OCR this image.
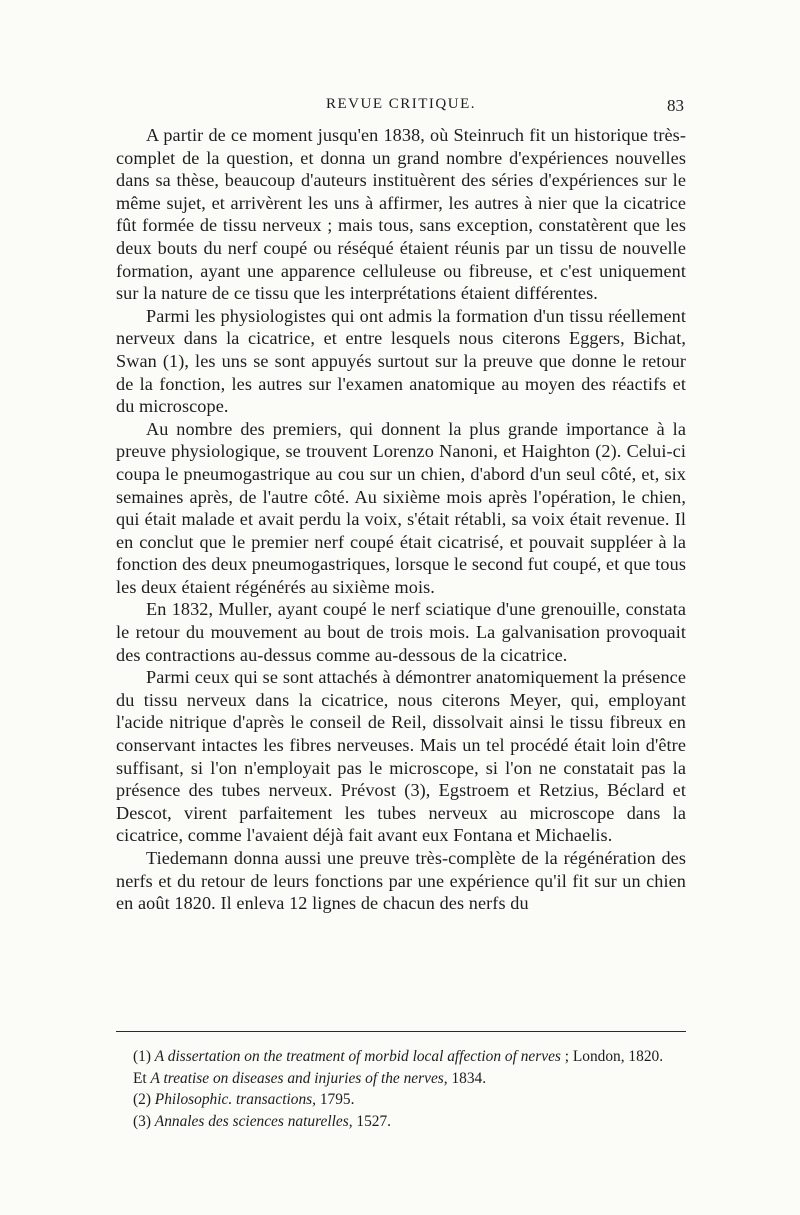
REVUE CRITIQUE.	83

A partir de ce moment jusqu'en 1838, où Steinruch fit un historique très-complet de la question, et donna un grand nombre d'expériences nouvelles dans sa thèse, beaucoup d'auteurs instituèrent des séries d'expériences sur le même sujet, et arrivèrent les uns à affirmer, les autres à nier que la cicatrice fût formée de tissu nerveux ; mais tous, sans exception, constatèrent que les deux bouts du nerf coupé ou réséqué étaient réunis par un tissu de nouvelle formation, ayant une apparence celluleuse ou fibreuse, et c'est uniquement sur la nature de ce tissu que les interprétations étaient différentes.

Parmi les physiologistes qui ont admis la formation d'un tissu réellement nerveux dans la cicatrice, et entre lesquels nous citerons Eggers, Bichat, Swan (1), les uns se sont appuyés surtout sur la preuve que donne le retour de la fonction, les autres sur l'examen anatomique au moyen des réactifs et du microscope.

Au nombre des premiers, qui donnent la plus grande importance à la preuve physiologique, se trouvent Lorenzo Nanoni, et Haighton (2). Celui-ci coupa le pneumogastrique au cou sur un chien, d'abord d'un seul côté, et, six semaines après, de l'autre côté. Au sixième mois après l'opération, le chien, qui était malade et avait perdu la voix, s'était rétabli, sa voix était revenue. Il en conclut que le premier nerf coupé était cicatrisé, et pouvait suppléer à la fonction des deux pneumogastriques, lorsque le second fut coupé, et que tous les deux étaient régénérés au sixième mois.

En 1832, Muller, ayant coupé le nerf sciatique d'une grenouille, constata le retour du mouvement au bout de trois mois. La galvanisation provoquait des contractions au-dessus comme au-dessous de la cicatrice.

Parmi ceux qui se sont attachés à démontrer anatomiquement la présence du tissu nerveux dans la cicatrice, nous citerons Meyer, qui, employant l'acide nitrique d'après le conseil de Reil, dissolvait ainsi le tissu fibreux en conservant intactes les fibres nerveuses. Mais un tel procédé était loin d'être suffisant, si l'on n'employait pas le microscope, si l'on ne constatait pas la présence des tubes nerveux. Prévost (3), Egstroem et Retzius, Béclard et Descot, virent parfaitement les tubes nerveux au microscope dans la cicatrice, comme l'avaient déjà fait avant eux Fontana et Michaelis.

Tiedemann donna aussi une preuve très-complète de la régénération des nerfs et du retour de leurs fonctions par une expérience qu'il fit sur un chien en août 1820. Il enleva 12 lignes de chacun des nerfs du

(1) A dissertation on the treatment of morbid local affection of nerves ; London, 1820.

Et A treatise on diseases and injuries of the nerves, 1834.

(2) Philosophic. transactions, 1795.

(3) Annales des sciences naturelles, 1527.
